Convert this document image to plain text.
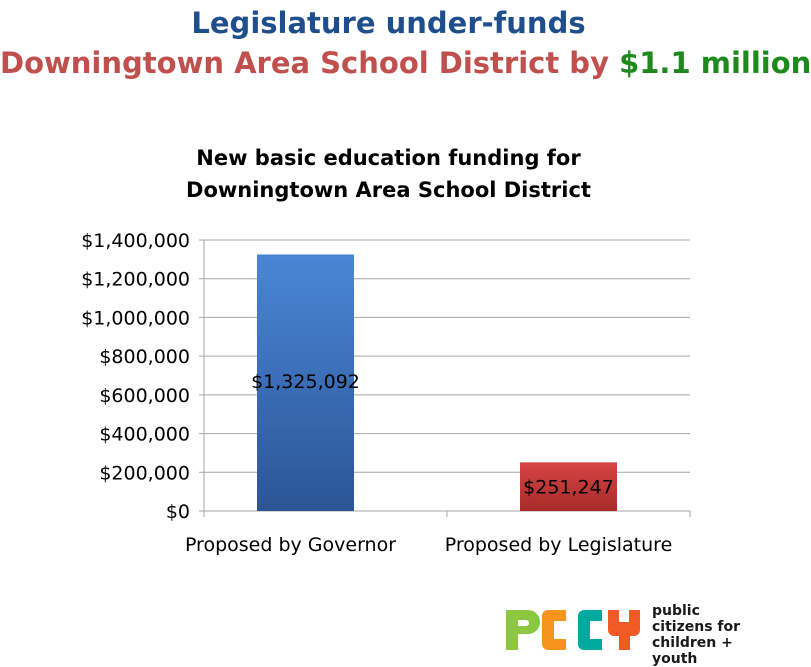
Legislature under-funds
Downingtown Area School District by $1.1 million
New basic education funding for
Downingtown Area School District
$0
$200,000
$400,000
$600,000
$800,000
$1,000,000
$1,200,000
$1,400,000
$1,325,092
Proposed by Governor
$251,247
Proposed by Legislature
public
citizens for
children + youth
